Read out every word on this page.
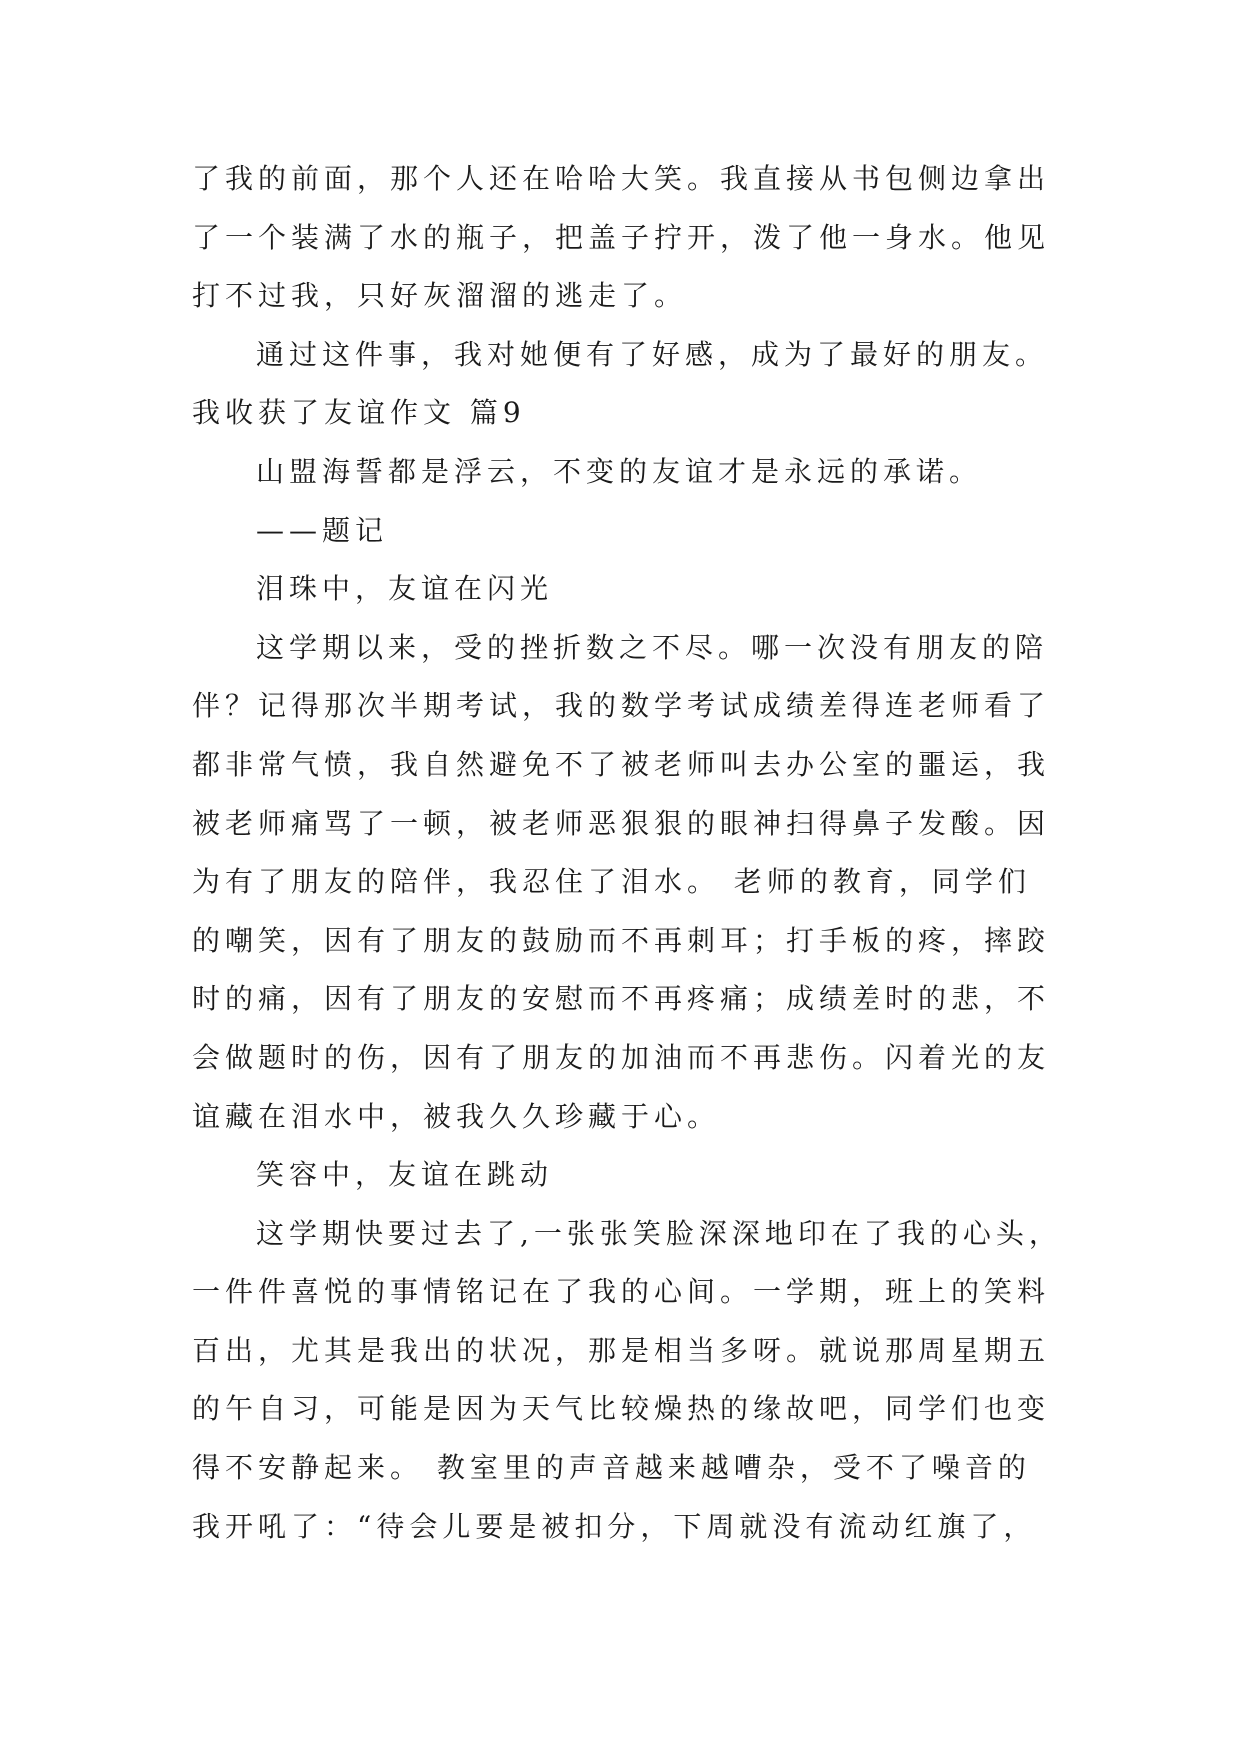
了我的前面，那个人还在哈哈大笑。我直接从书包侧边拿出
了一个装满了水的瓶子，把盖子拧开，泼了他一身水。他见
打不过我，只好灰溜溜的逃走了。
通过这件事，我对她便有了好感，成为了最好的朋友。
我收获了友谊作文 篇9
山盟海誓都是浮云，不变的友谊才是永远的承诺。
——题记
泪珠中，友谊在闪光
这学期以来，受的挫折数之不尽。哪一次没有朋友的陪
伴？记得那次半期考试，我的数学考试成绩差得连老师看了
都非常气愤，我自然避免不了被老师叫去办公室的噩运，我
被老师痛骂了一顿，被老师恶狠狠的眼神扫得鼻子发酸。因
为有了朋友的陪伴，我忍住了泪水。 老师的教育，同学们
的嘲笑，因有了朋友的鼓励而不再刺耳；打手板的疼，摔跤
时的痛，因有了朋友的安慰而不再疼痛；成绩差时的悲，不
会做题时的伤，因有了朋友的加油而不再悲伤。闪着光的友
谊藏在泪水中，被我久久珍藏于心。
笑容中，友谊在跳动
这学期快要过去了,一张张笑脸深深地印在了我的心头，
一件件喜悦的事情铭记在了我的心间。一学期，班上的笑料
百出，尤其是我出的状况，那是相当多呀。就说那周星期五
的午自习，可能是因为天气比较燥热的缘故吧，同学们也变
得不安静起来。 教室里的声音越来越嘈杂，受不了噪音的
我开吼了：“待会儿要是被扣分，下周就没有流动红旗了，
